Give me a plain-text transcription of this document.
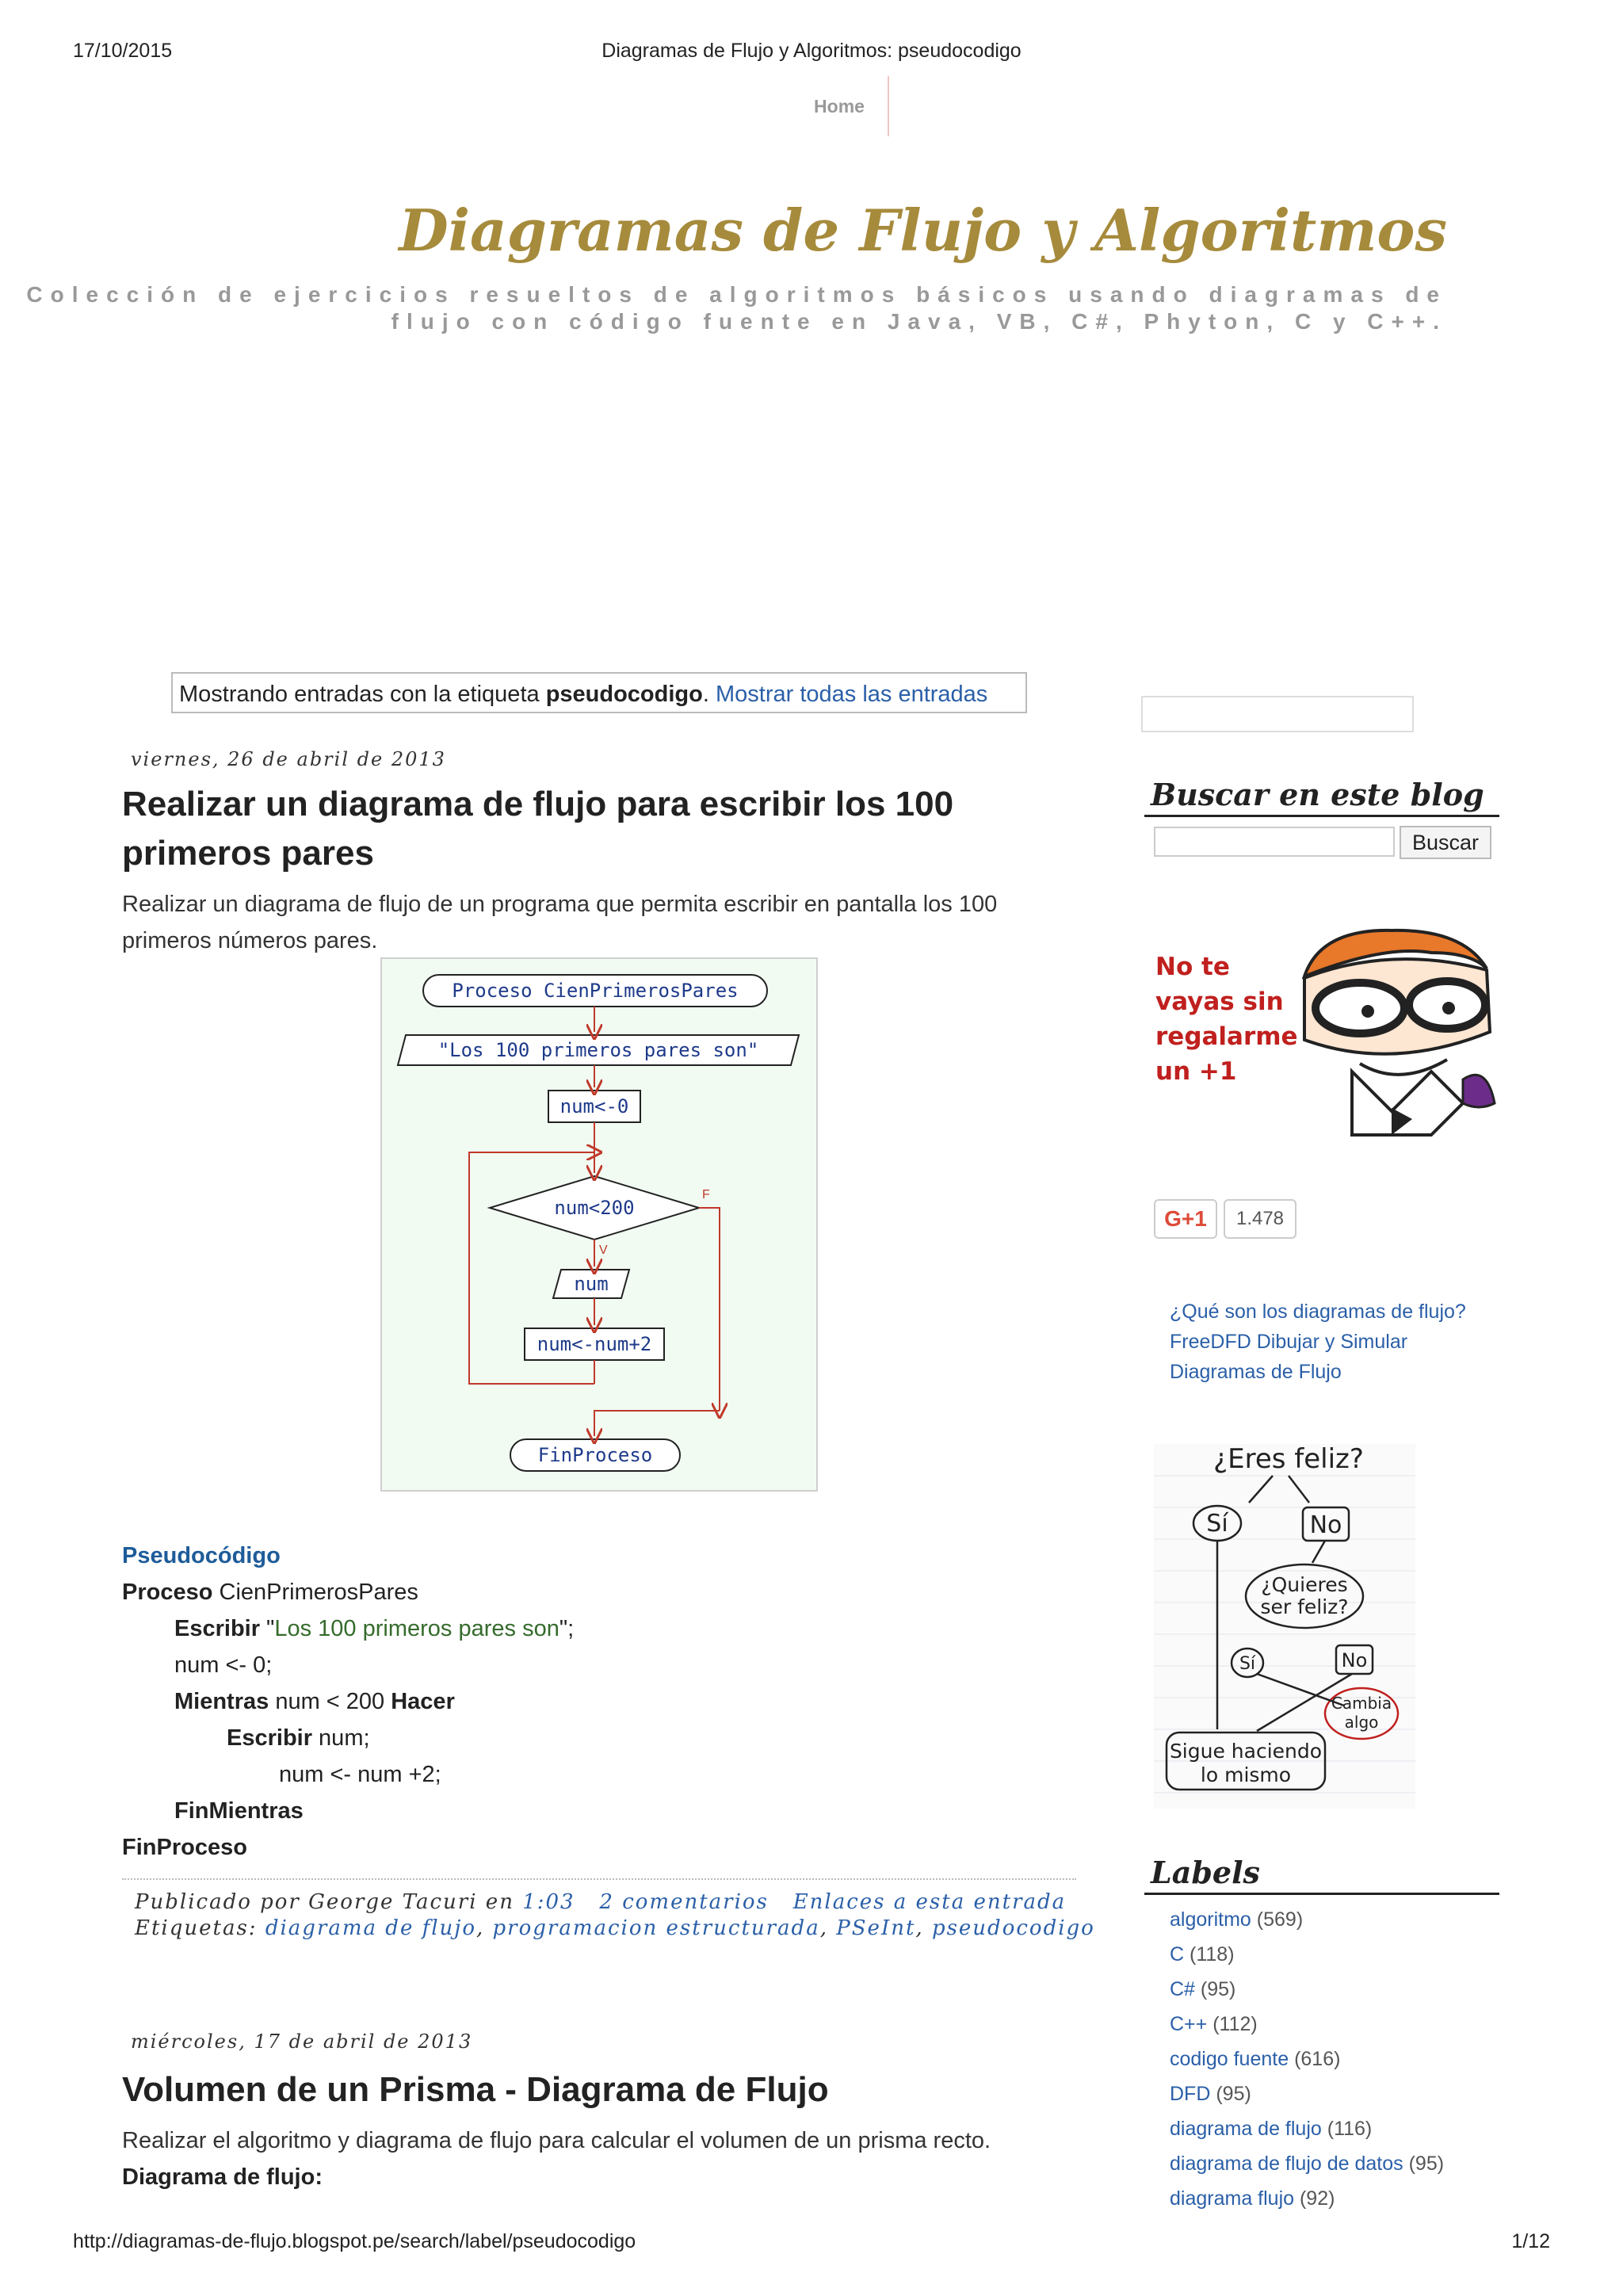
17/10/2015	Diagramas de Flujo y Algoritmos: pseudocodigo
Home
Diagramas de Flujo y Algoritmos
Colección de ejercicios resueltos de algoritmos básicos usando diagramas de flujo con código fuente en Java, VB, C#, Phyton, C y C++.
Mostrando entradas con la etiqueta pseudocodigo. Mostrar todas las entradas
viernes, 26 de abril de 2013
Realizar un diagrama de flujo para escribir los 100 primeros pares
Realizar un diagrama de flujo de un programa que permita escribir en pantalla los 100 primeros números pares.
Proceso CienPrimerosPares
"Los 100 primeros pares son"
num<-0
num<200
num
num<-num+2
FinProceso
F
V
Pseudocódigo
Proceso CienPrimerosPares
Escribir "Los 100 primeros pares son";
num <- 0;
Mientras num < 200 Hacer
Escribir num;
num <- num +2;
FinMientras
FinProceso
Publicado por George Tacuri en 1:03 2 comentarios Enlaces a esta entrada
Etiquetas: diagrama de flujo, programacion estructurada, PSeInt, pseudocodigo
miércoles, 17 de abril de 2013
Volumen de un Prisma - Diagrama de Flujo
Realizar el algoritmo y diagrama de flujo para calcular el volumen de un prisma recto.
Diagrama de flujo:
Buscar en este blog
Buscar
No te
vayas sin
regalarme
un +1
G+1	1.478
¿Qué son los diagramas de flujo?
FreeDFD Dibujar y Simular
Diagramas de Flujo
¿Eres feliz?
Sí	No
¿Quieres
ser feliz?
Sí	No
Cambia
algo
Sigue haciendo
lo mismo
Labels
algoritmo (569)
C (118)
C# (95)
C++ (112)
codigo fuente (616)
DFD (95)
diagrama de flujo (116)
diagrama de flujo de datos (95)
diagrama flujo (92)
http://diagramas-de-flujo.blogspot.pe/search/label/pseudocodigo	1/12
